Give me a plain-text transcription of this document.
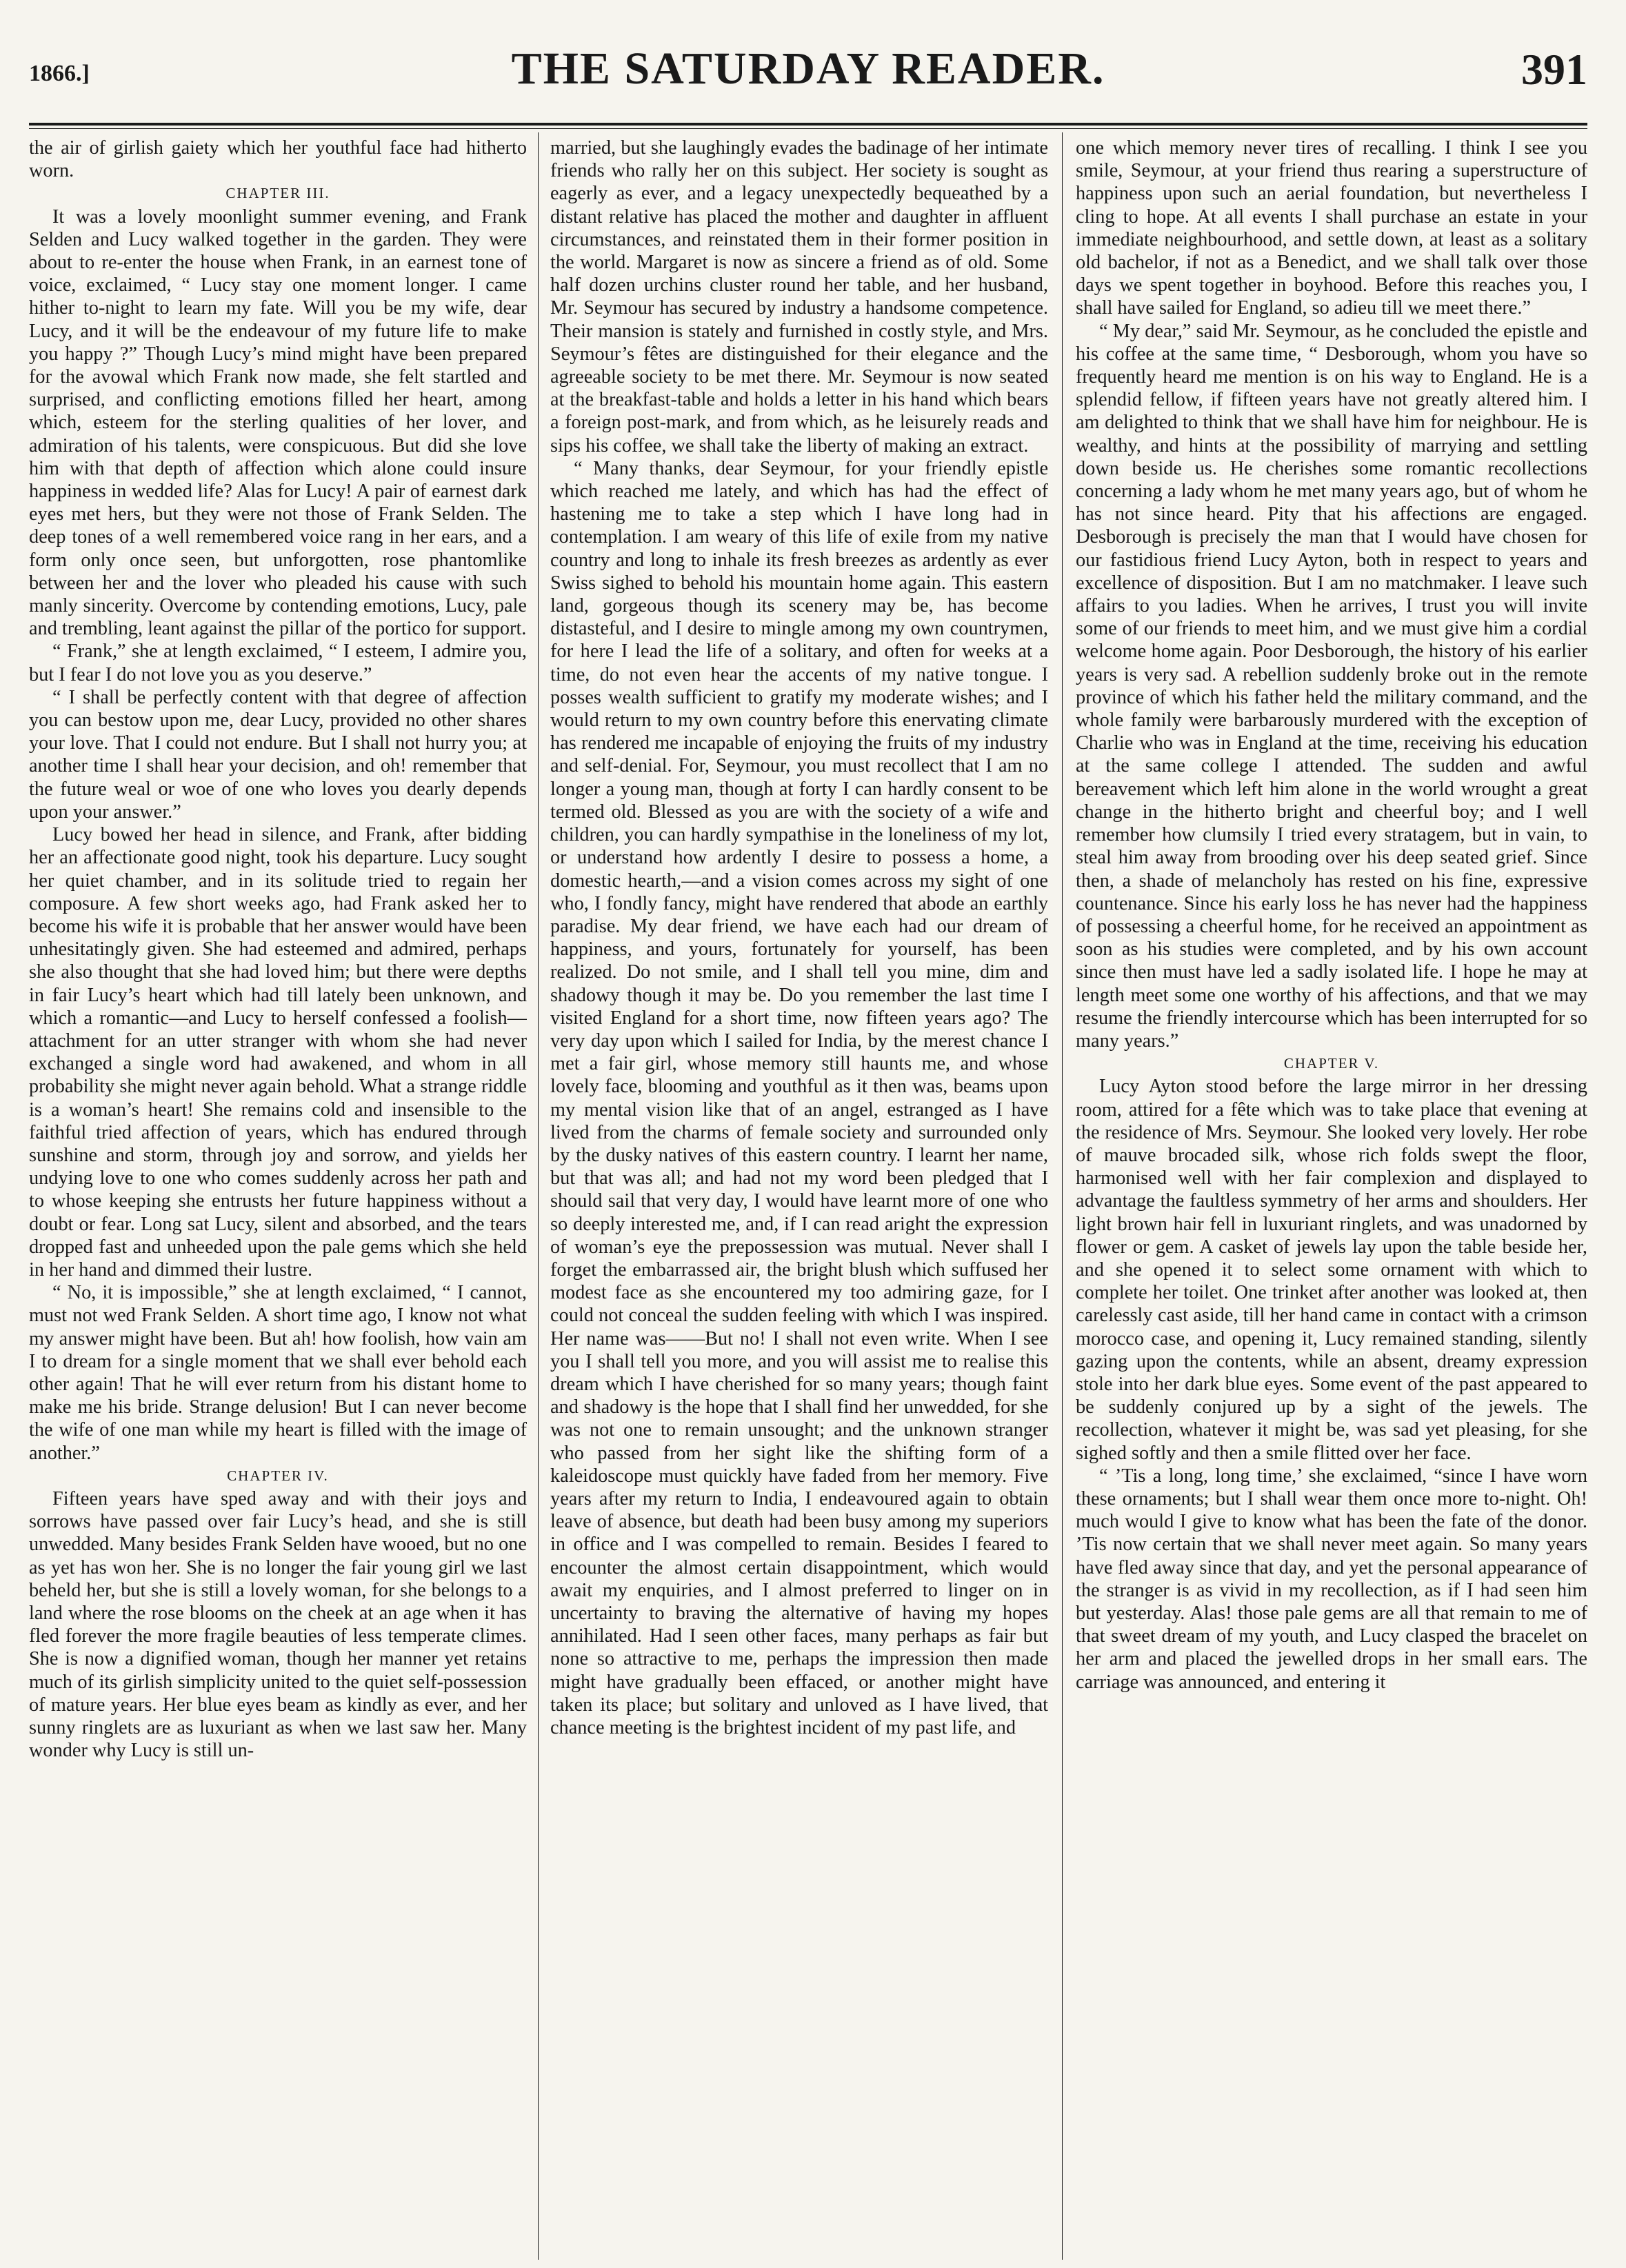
1866.]	THE SATURDAY READER.	391

the air of girlish gaiety which her youthful face had hitherto worn.

CHAPTER III.

It was a lovely moonlight summer evening, and Frank Selden and Lucy walked together in the garden. They were about to re-enter the house when Frank, in an earnest tone of voice, exclaimed, “ Lucy stay one moment longer. I came hither to-night to learn my fate. Will you be my wife, dear Lucy, and it will be the endeavour of my future life to make you happy ?” Though Lucy’s mind might have been prepared for the avowal which Frank now made, she felt startled and surprised, and conflicting emotions filled her heart, among which, esteem for the sterling qualities of her lover, and admiration of his talents, were conspicuous. But did she love him with that depth of affection which alone could insure happiness in wedded life? Alas for Lucy! A pair of earnest dark eyes met hers, but they were not those of Frank Selden. The deep tones of a well remembered voice rang in her ears, and a form only once seen, but unforgotten, rose phantomlike between her and the lover who pleaded his cause with such manly sincerity. Overcome by contending emotions, Lucy, pale and trembling, leant against the pillar of the portico for support.

“ Frank,” she at length exclaimed, “ I esteem, I admire you, but I fear I do not love you as you deserve.”

“ I shall be perfectly content with that degree of affection you can bestow upon me, dear Lucy, provided no other shares your love. That I could not endure. But I shall not hurry you; at another time I shall hear your decision, and oh! remember that the future weal or woe of one who loves you dearly depends upon your answer.”

Lucy bowed her head in silence, and Frank, after bidding her an affectionate good night, took his departure. Lucy sought her quiet chamber, and in its solitude tried to regain her composure. A few short weeks ago, had Frank asked her to become his wife it is probable that her answer would have been unhesitatingly given. She had esteemed and admired, perhaps she also thought that she had loved him; but there were depths in fair Lucy’s heart which had till lately been unknown, and which a romantic—and Lucy to herself confessed a foolish—attachment for an utter stranger with whom she had never exchanged a single word had awakened, and whom in all probability she might never again behold. What a strange riddle is a woman’s heart! She remains cold and insensible to the faithful tried affection of years, which has endured through sunshine and storm, through joy and sorrow, and yields her undying love to one who comes suddenly across her path and to whose keeping she entrusts her future happiness without a doubt or fear. Long sat Lucy, silent and absorbed, and the tears dropped fast and unheeded upon the pale gems which she held in her hand and dimmed their lustre.

“ No, it is impossible,” she at length exclaimed, “ I cannot, must not wed Frank Selden. A short time ago, I know not what my answer might have been. But ah! how foolish, how vain am I to dream for a single moment that we shall ever behold each other again! That he will ever return from his distant home to make me his bride. Strange delusion! But I can never become the wife of one man while my heart is filled with the image of another.”

CHAPTER IV.

Fifteen years have sped away and with their joys and sorrows have passed over fair Lucy’s head, and she is still unwedded. Many besides Frank Selden have wooed, but no one as yet has won her. She is no longer the fair young girl we last beheld her, but she is still a lovely woman, for she belongs to a land where the rose blooms on the cheek at an age when it has fled forever the more fragile beauties of less temperate climes. She is now a dignified woman, though her manner yet retains much of its girlish simplicity united to the quiet self-possession of mature years. Her blue eyes beam as kindly as ever, and her sunny ringlets are as luxuriant as when we last saw her. Many wonder why Lucy is still un-

married, but she laughingly evades the badinage of her intimate friends who rally her on this subject. Her society is sought as eagerly as ever, and a legacy unexpectedly bequeathed by a distant relative has placed the mother and daughter in affluent circumstances, and reinstated them in their former position in the world. Margaret is now as sincere a friend as of old. Some half dozen urchins cluster round her table, and her husband, Mr. Seymour has secured by industry a handsome competence. Their mansion is stately and furnished in costly style, and Mrs. Seymour’s fêtes are distinguished for their elegance and the agreeable society to be met there. Mr. Seymour is now seated at the breakfast-table and holds a letter in his hand which bears a foreign post-mark, and from which, as he leisurely reads and sips his coffee, we shall take the liberty of making an extract.

“ Many thanks, dear Seymour, for your friendly epistle which reached me lately, and which has had the effect of hastening me to take a step which I have long had in contemplation. I am weary of this life of exile from my native country and long to inhale its fresh breezes as ardently as ever Swiss sighed to behold his mountain home again. This eastern land, gorgeous though its scenery may be, has become distasteful, and I desire to mingle among my own countrymen, for here I lead the life of a solitary, and often for weeks at a time, do not even hear the accents of my native tongue. I posses wealth sufficient to gratify my moderate wishes; and I would return to my own country before this enervating climate has rendered me incapable of enjoying the fruits of my industry and self-denial. For, Seymour, you must recollect that I am no longer a young man, though at forty I can hardly consent to be termed old. Blessed as you are with the society of a wife and children, you can hardly sympathise in the loneliness of my lot, or understand how ardently I desire to possess a home, a domestic hearth,—and a vision comes across my sight of one who, I fondly fancy, might have rendered that abode an earthly paradise. My dear friend, we have each had our dream of happiness, and yours, fortunately for yourself, has been realized. Do not smile, and I shall tell you mine, dim and shadowy though it may be. Do you remember the last time I visited England for a short time, now fifteen years ago? The very day upon which I sailed for India, by the merest chance I met a fair girl, whose memory still haunts me, and whose lovely face, blooming and youthful as it then was, beams upon my mental vision like that of an angel, estranged as I have lived from the charms of female society and surrounded only by the dusky natives of this eastern country. I learnt her name, but that was all; and had not my word been pledged that I should sail that very day, I would have learnt more of one who so deeply interested me, and, if I can read aright the expression of woman’s eye the prepossession was mutual. Never shall I forget the embarrassed air, the bright blush which suffused her modest face as she encountered my too admiring gaze, for I could not conceal the sudden feeling with which I was inspired. Her name was——But no! I shall not even write. When I see you I shall tell you more, and you will assist me to realise this dream which I have cherished for so many years; though faint and shadowy is the hope that I shall find her unwedded, for she was not one to remain unsought; and the unknown stranger who passed from her sight like the shifting form of a kaleidoscope must quickly have faded from her memory. Five years after my return to India, I endeavoured again to obtain leave of absence, but death had been busy among my superiors in office and I was compelled to remain. Besides I feared to encounter the almost certain disappointment, which would await my enquiries, and I almost preferred to linger on in uncertainty to braving the alternative of having my hopes annihilated. Had I seen other faces, many perhaps as fair but none so attractive to me, perhaps the impression then made might have gradually been effaced, or another might have taken its place; but solitary and unloved as I have lived, that chance meeting is the brightest incident of my past life, and

one which memory never tires of recalling. I think I see you smile, Seymour, at your friend thus rearing a superstructure of happiness upon such an aerial foundation, but nevertheless I cling to hope. At all events I shall purchase an estate in your immediate neighbourhood, and settle down, at least as a solitary old bachelor, if not as a Benedict, and we shall talk over those days we spent together in boyhood. Before this reaches you, I shall have sailed for England, so adieu till we meet there.”

“ My dear,” said Mr. Seymour, as he concluded the epistle and his coffee at the same time, “ Desborough, whom you have so frequently heard me mention is on his way to England. He is a splendid fellow, if fifteen years have not greatly altered him. I am delighted to think that we shall have him for neighbour. He is wealthy, and hints at the possibility of marrying and settling down beside us. He cherishes some romantic recollections concerning a lady whom he met many years ago, but of whom he has not since heard. Pity that his affections are engaged. Desborough is precisely the man that I would have chosen for our fastidious friend Lucy Ayton, both in respect to years and excellence of disposition. But I am no matchmaker. I leave such affairs to you ladies. When he arrives, I trust you will invite some of our friends to meet him, and we must give him a cordial welcome home again. Poor Desborough, the history of his earlier years is very sad. A rebellion suddenly broke out in the remote province of which his father held the military command, and the whole family were barbarously murdered with the exception of Charlie who was in England at the time, receiving his education at the same college I attended. The sudden and awful bereavement which left him alone in the world wrought a great change in the hitherto bright and cheerful boy; and I well remember how clumsily I tried every stratagem, but in vain, to steal him away from brooding over his deep seated grief. Since then, a shade of melancholy has rested on his fine, expressive countenance. Since his early loss he has never had the happiness of possessing a cheerful home, for he received an appointment as soon as his studies were completed, and by his own account since then must have led a sadly isolated life. I hope he may at length meet some one worthy of his affections, and that we may resume the friendly intercourse which has been interrupted for so many years.”

CHAPTER V.

Lucy Ayton stood before the large mirror in her dressing room, attired for a fête which was to take place that evening at the residence of Mrs. Seymour. She looked very lovely. Her robe of mauve brocaded silk, whose rich folds swept the floor, harmonised well with her fair complexion and displayed to advantage the faultless symmetry of her arms and shoulders. Her light brown hair fell in luxuriant ringlets, and was unadorned by flower or gem. A casket of jewels lay upon the table beside her, and she opened it to select some ornament with which to complete her toilet. One trinket after another was looked at, then carelessly cast aside, till her hand came in contact with a crimson morocco case, and opening it, Lucy remained standing, silently gazing upon the contents, while an absent, dreamy expression stole into her dark blue eyes. Some event of the past appeared to be suddenly conjured up by a sight of the jewels. The recollection, whatever it might be, was sad yet pleasing, for she sighed softly and then a smile flitted over her face.

“ ’Tis a long, long time,’ she exclaimed, “since I have worn these ornaments; but I shall wear them once more to-night. Oh! much would I give to know what has been the fate of the donor. ’Tis now certain that we shall never meet again. So many years have fled away since that day, and yet the personal appearance of the stranger is as vivid in my recollection, as if I had seen him but yesterday. Alas! those pale gems are all that remain to me of that sweet dream of my youth, and Lucy clasped the bracelet on her arm and placed the jewelled drops in her small ears. The carriage was announced, and entering it
